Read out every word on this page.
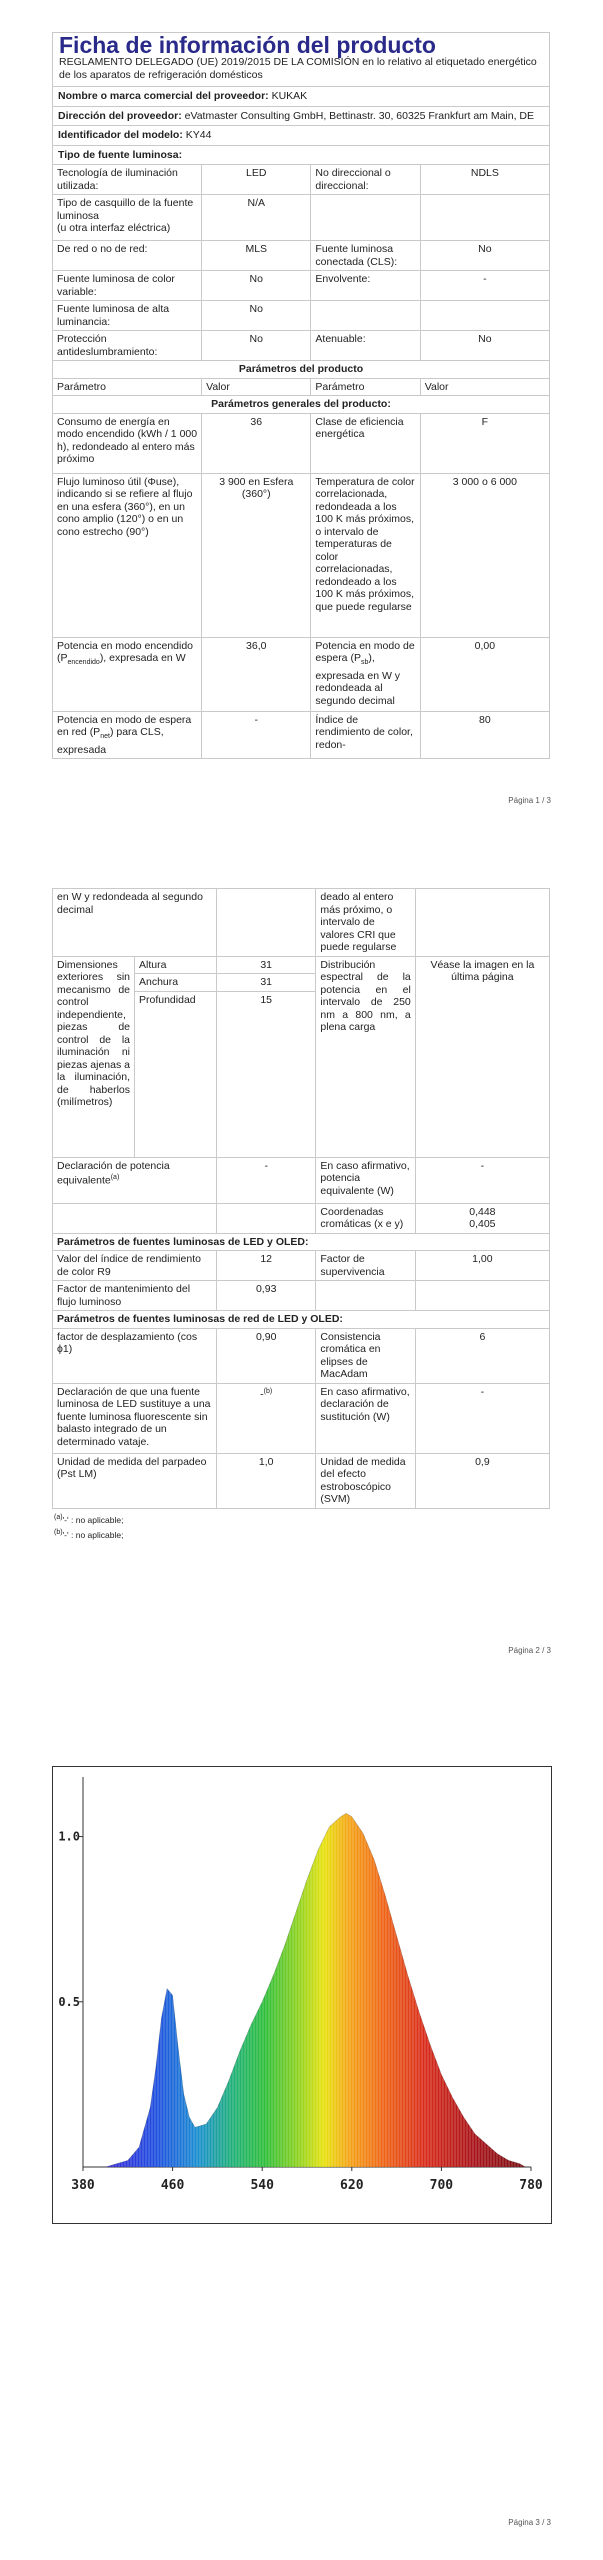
Ficha de información del producto
REGLAMENTO DELEGADO (UE) 2019/2015 DE LA COMISIÓN en lo relativo al etiquetado energético de los aparatos de refrigeración domésticos
Nombre o marca comercial del proveedor: KUKAK			
Dirección del proveedor: eVatmaster Consulting GmbH, Bettinastr. 30, 60325 Frankfurt am Main, DE			
Identificador del modelo: KY44			
Tipo de fuente luminosa:			
Tecnología de iluminación utilizada:	LED	No direccional o direccional:	NDLS
Tipo de casquillo de la fuente luminosa
(u otra interfaz eléctrica)	N/A		
De red o no de red:	MLS	Fuente luminosa conectada (CLS):	No
Fuente luminosa de color variable:	No	Envolvente:	-
Fuente luminosa de alta luminancia:	No		
Protección antideslumbramiento:	No	Atenuable:	No
Parámetros del producto			
Parámetro	Valor	Parámetro	Valor
Parámetros generales del producto:			
Consumo de energía en modo encendido (kWh / 1 000 h), redondeado al entero más próximo	36	Clase de eficiencia energética	F
Flujo luminoso útil (Φuse), indicando si se refiere al flujo en una esfera (360°), en un cono amplio (120°) o en un cono estrecho (90°)	3 900 en Esfera (360°)	Temperatura de color correlacionada, redondeada a los 100 K más próximos, o intervalo de temperaturas de color correlacionadas, redondeado a los 100 K más próximos, que puede regularse	3 000 o 6 000
Potencia en modo encendido $(P_{encendido})$, expresada en W	36,0	Potencia en modo de espera $(P_{sb})$, expresada en W y redondeada al segundo decimal	0,00
Potencia en modo de espera en red $(P_{net})$ para CLS, expresada	-	Índice de rendimiento de color, redon-	80
Página 1 / 3
en W y redondeada al segundo decimal			deado al entero más próximo, o intervalo de valores CRI que puede regularse	
Dimensiones exteriores sin mecanismo de control independiente, piezas de control de la iluminación ni piezas ajenas a la iluminación, de haberlos (milímetros)	Altura	31	Distribución espectral de la potencia en el intervalo de 250 nm a 800 nm, a plena carga	Véase la imagen en la última página
	Anchura	31		
	Profundidad	15		
Declaración de potencia equivalente$^{(a)}$		-	En caso afirmativo, potencia equivalente (W)	-
			Coordenadas cromáticas (x e y)	0,448
0,405
Parámetros de fuentes luminosas de LED y OLED:				
Valor del índice de rendimiento de color R9		12	Factor de supervivencia	1,00
Factor de mantenimiento del flujo luminoso		0,93		
Parámetros de fuentes luminosas de red de LED y OLED:				
factor de desplazamiento (cos ϕ1)		0,90	Consistencia cromática en elipses de MacAdam	6
Declaración de que una fuente luminosa de LED sustituye a una fuente luminosa fluorescente sin balasto integrado de un determinado vataje.		-$^{(b)}$	En caso afirmativo, declaración de sustitución (W)	-
Unidad de medida del parpadeo (Pst LM)		1,0	Unidad de medida del efecto estroboscópico (SVM)	0,9
$^{(a)}$'-' : no aplicable;
$^{(b)}$'-' : no aplicable;
Página 2 / 3
380	460	540	620	700	780
0.5
1.0
Página 3 / 3
